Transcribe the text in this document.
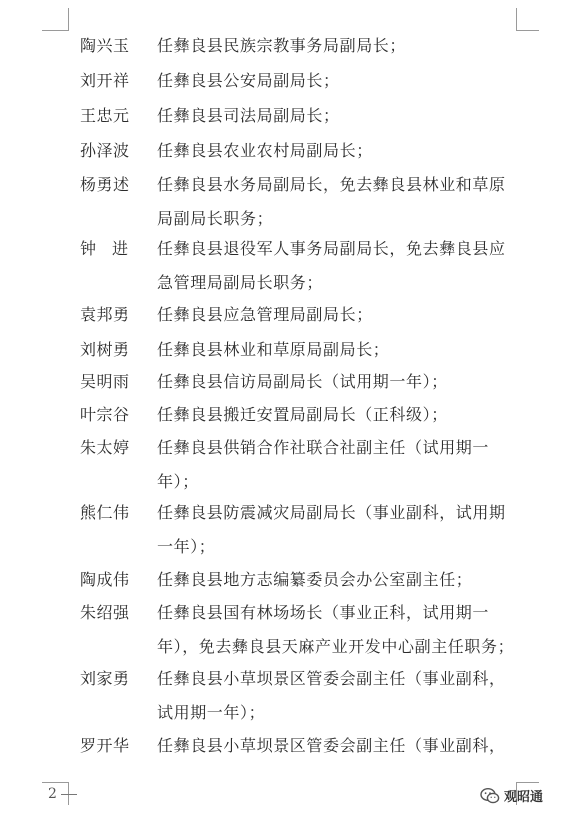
陶兴玉	任彝良县民族宗教事务局副局长；
刘开祥	任彝良县公安局副局长；
王忠元	任彝良县司法局副局长；
孙泽波	任彝良县农业农村局副局长；
杨勇述	任彝良县水务局副局长，免去彝良县林业和草原局副局长职务；
钟进 任彝良县退役军人事务局副局长，免去彝良县应急管理局副局长职务；
袁邦勇	任彝良县应急管理局副局长；
刘树勇	任彝良县林业和草原局副局长；
吴明雨	任彝良县信访局副局长（试用期一年）；
叶宗谷	任彝良县搬迁安置局副局长（正科级）；
朱太婷	任彝良县供销合作社联合社副主任（试用期一年）；
熊仁伟	任彝良县防震减灾局副局长（事业副科，试用期一年）；
陶成伟	任彝良县地方志编纂委员会办公室副主任；
朱绍强	任彝良县国有林场场长（事业正科，试用期一年），免去彝良县天麻产业开发中心副主任职务；
刘家勇	任彝良县小草坝景区管委会副主任（事业副科，试用期一年）；
罗开华	任彝良县小草坝景区管委会副主任（事业副科，
2	观昭通
